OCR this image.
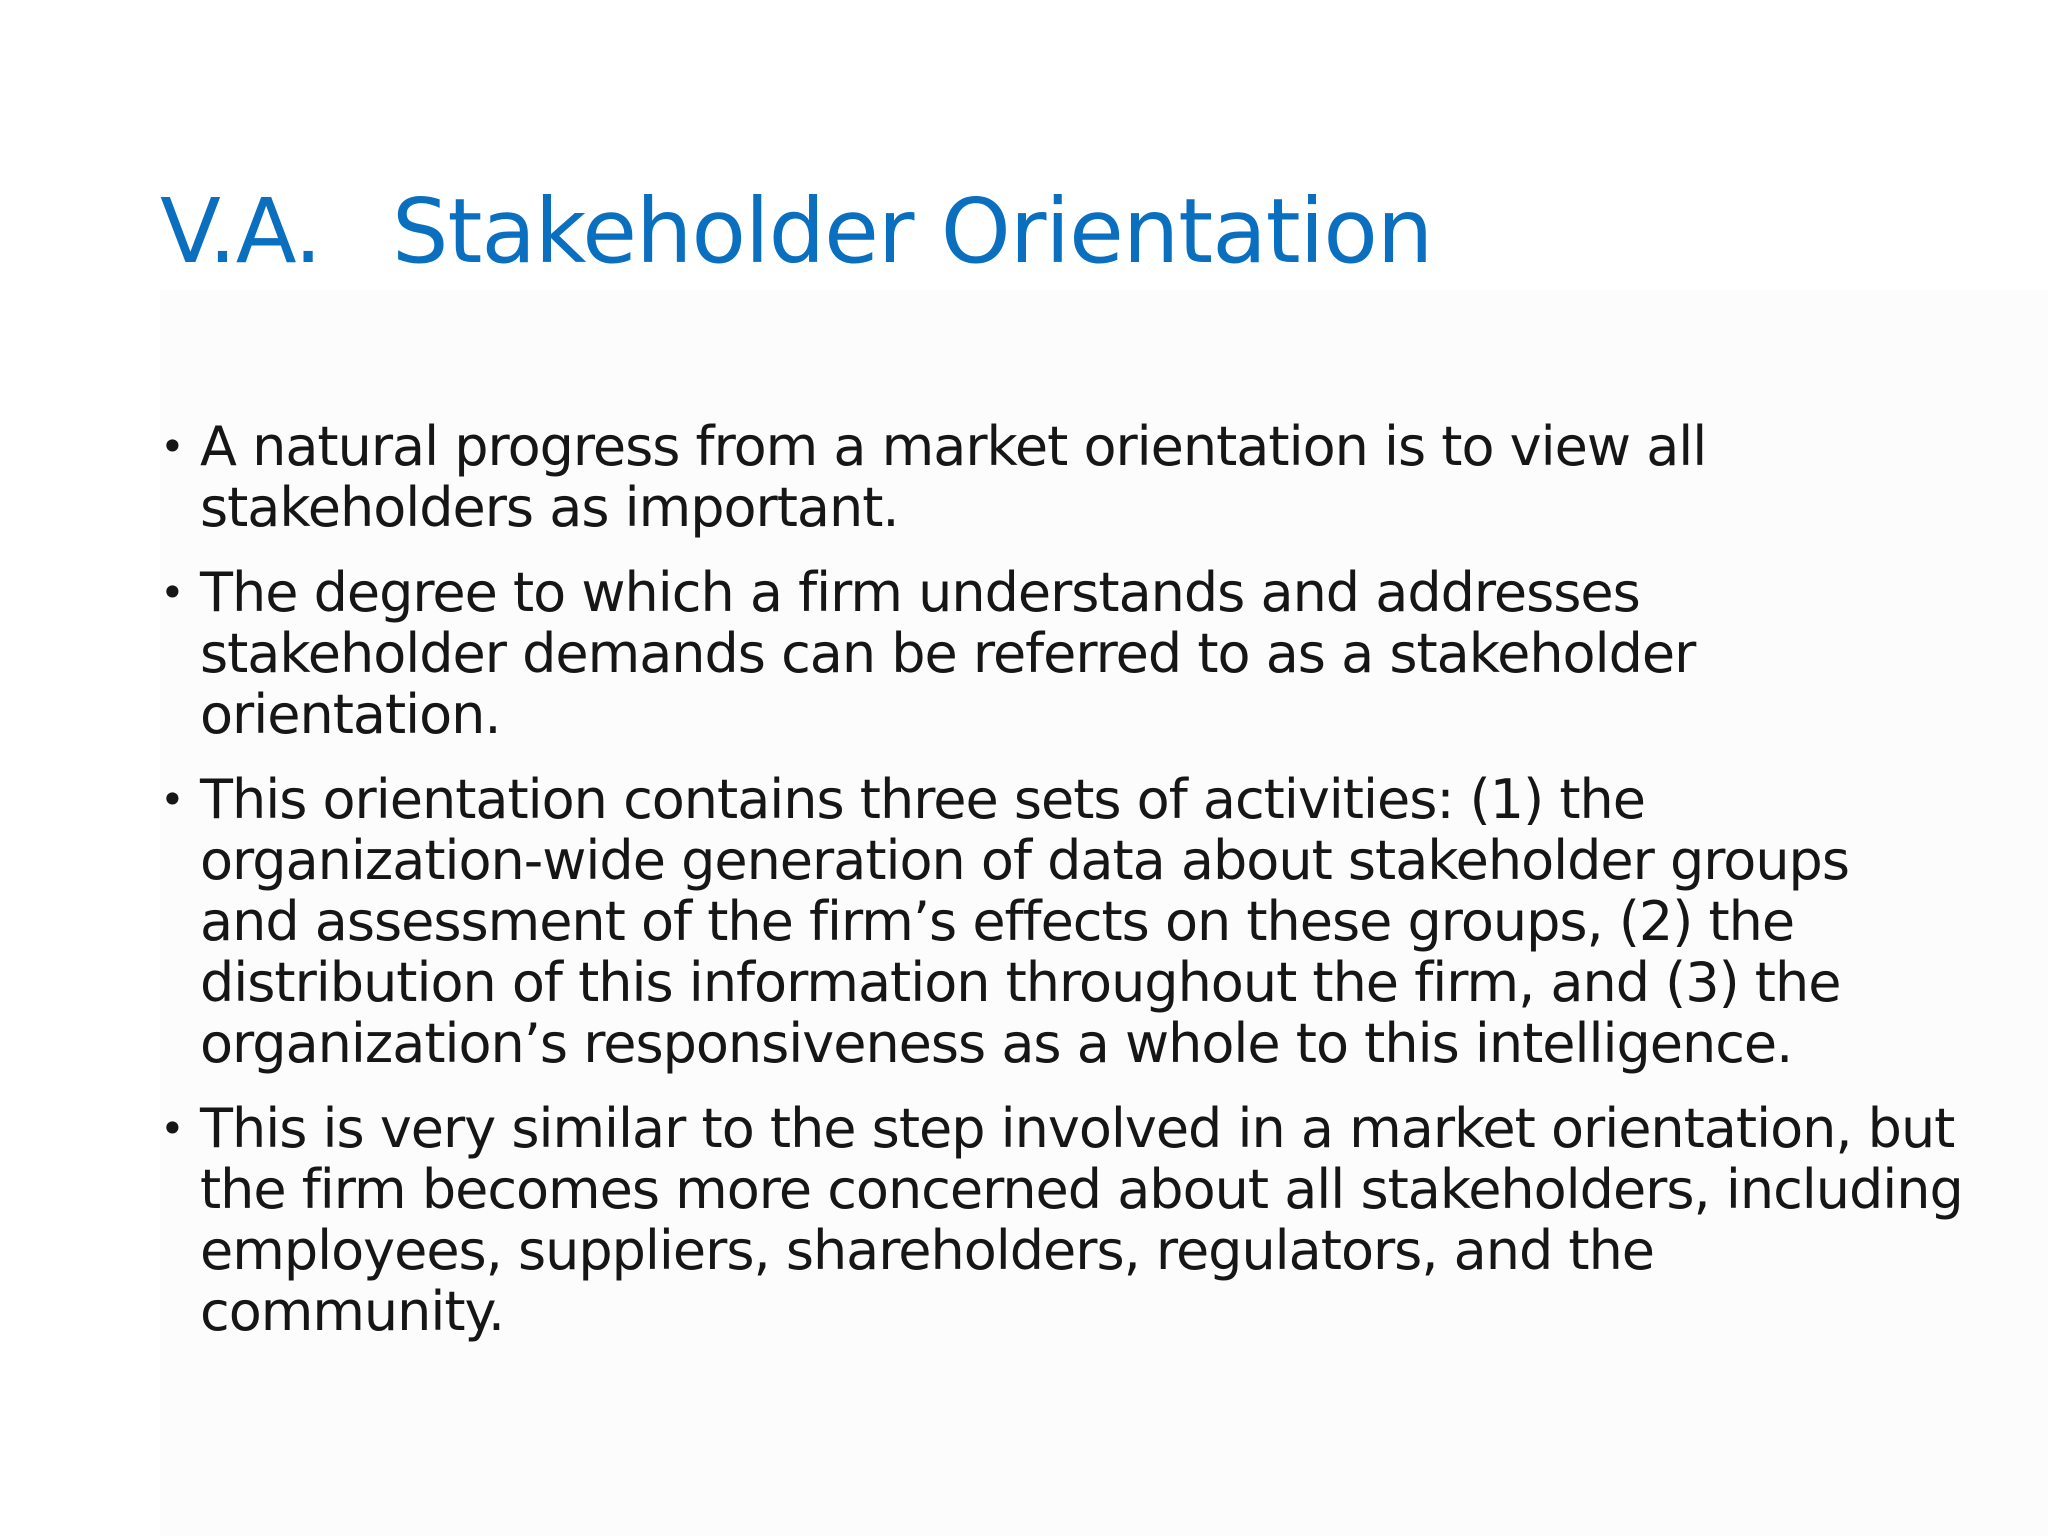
V.A. Stakeholder Orientation
• A natural progress from a market orientation is to view all
stakeholders as important.
• The degree to which a firm understands and addresses
stakeholder demands can be referred to as a stakeholder
orientation.
• This orientation contains three sets of activities: (1) the
organization-wide generation of data about stakeholder groups
and assessment of the firm’s effects on these groups, (2) the
distribution of this information throughout the firm, and (3) the
organization’s responsiveness as a whole to this intelligence.
• This is very similar to the step involved in a market orientation, but
the firm becomes more concerned about all stakeholders, including
employees, suppliers, shareholders, regulators, and the
community.
